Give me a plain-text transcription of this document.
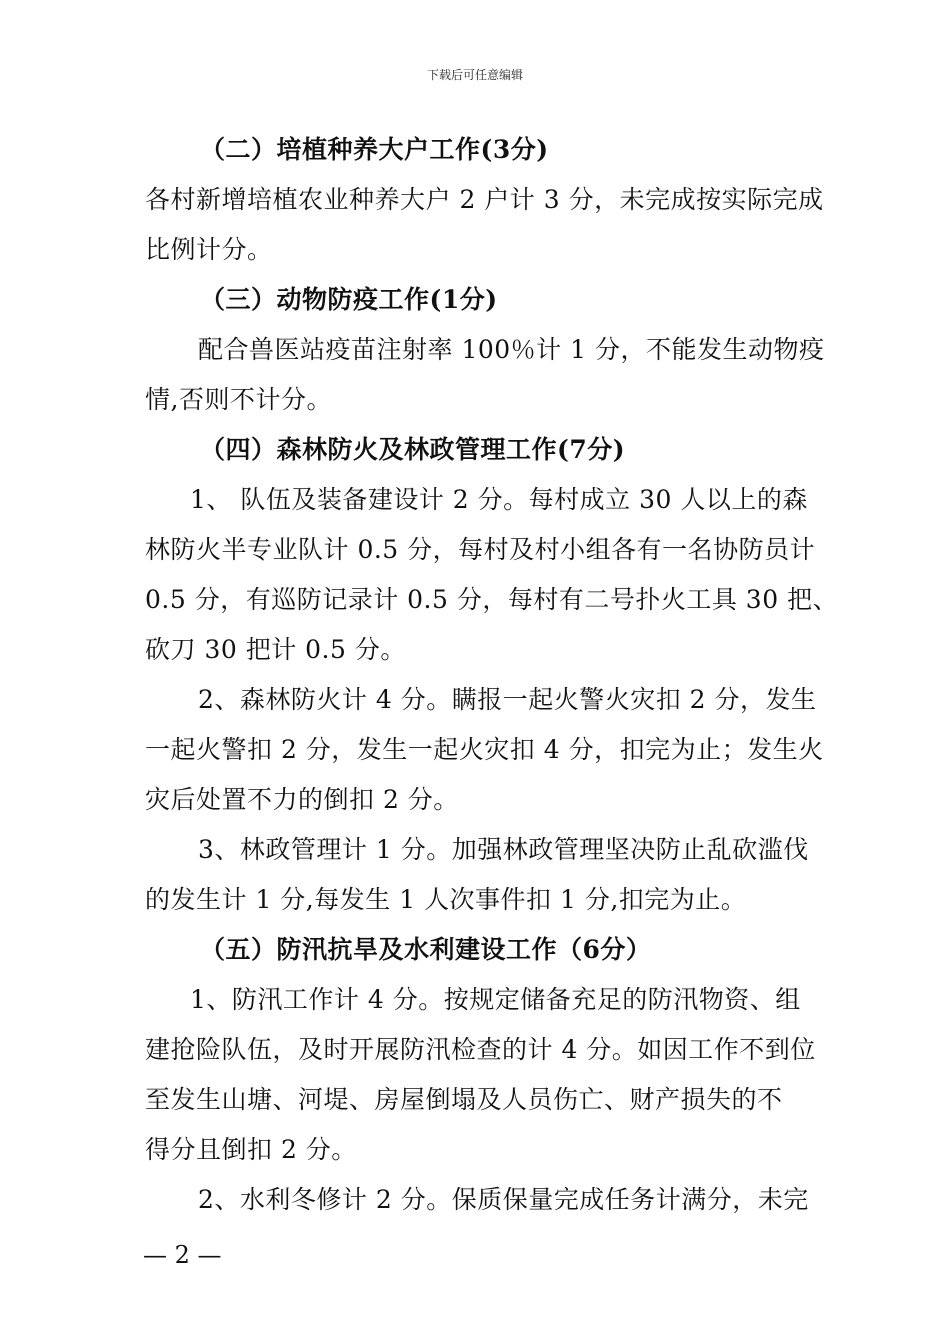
下载后可任意编辑
（二）培植种养大户工作(3分)
各村新增培植农业种养大户 2 户计 3 分，未完成按实际完成
比例计分。
（三）动物防疫工作(1分)
配合兽医站疫苗注射率 100％计 1 分，不能发生动物疫
情,否则不计分。
（四）森林防火及林政管理工作(7分)
1、 队伍及装备建设计 2 分。每村成立 30 人以上的森
林防火半专业队计 0.5 分，每村及村小组各有一名协防员计
0.5 分，有巡防记录计 0.5 分，每村有二号扑火工具 30 把、
砍刀 30 把计 0.5 分。
2、森林防火计 4 分。瞒报一起火警火灾扣 2 分，发生
一起火警扣 2 分，发生一起火灾扣 4 分，扣完为止；发生火
灾后处置不力的倒扣 2 分。
3、林政管理计 1 分。加强林政管理坚决防止乱砍滥伐
的发生计 1 分,每发生 1 人次事件扣 1 分,扣完为止。
（五）防汛抗旱及水利建设工作（6分）
1、防汛工作计 4 分。按规定储备充足的防汛物资、组
建抢险队伍，及时开展防汛检查的计 4 分。如因工作不到位
至发生山塘、河堤、房屋倒塌及人员伤亡、财产损失的不
得分且倒扣 2 分。
2、水利冬修计 2 分。保质保量完成任务计满分，未完
— 2 —
